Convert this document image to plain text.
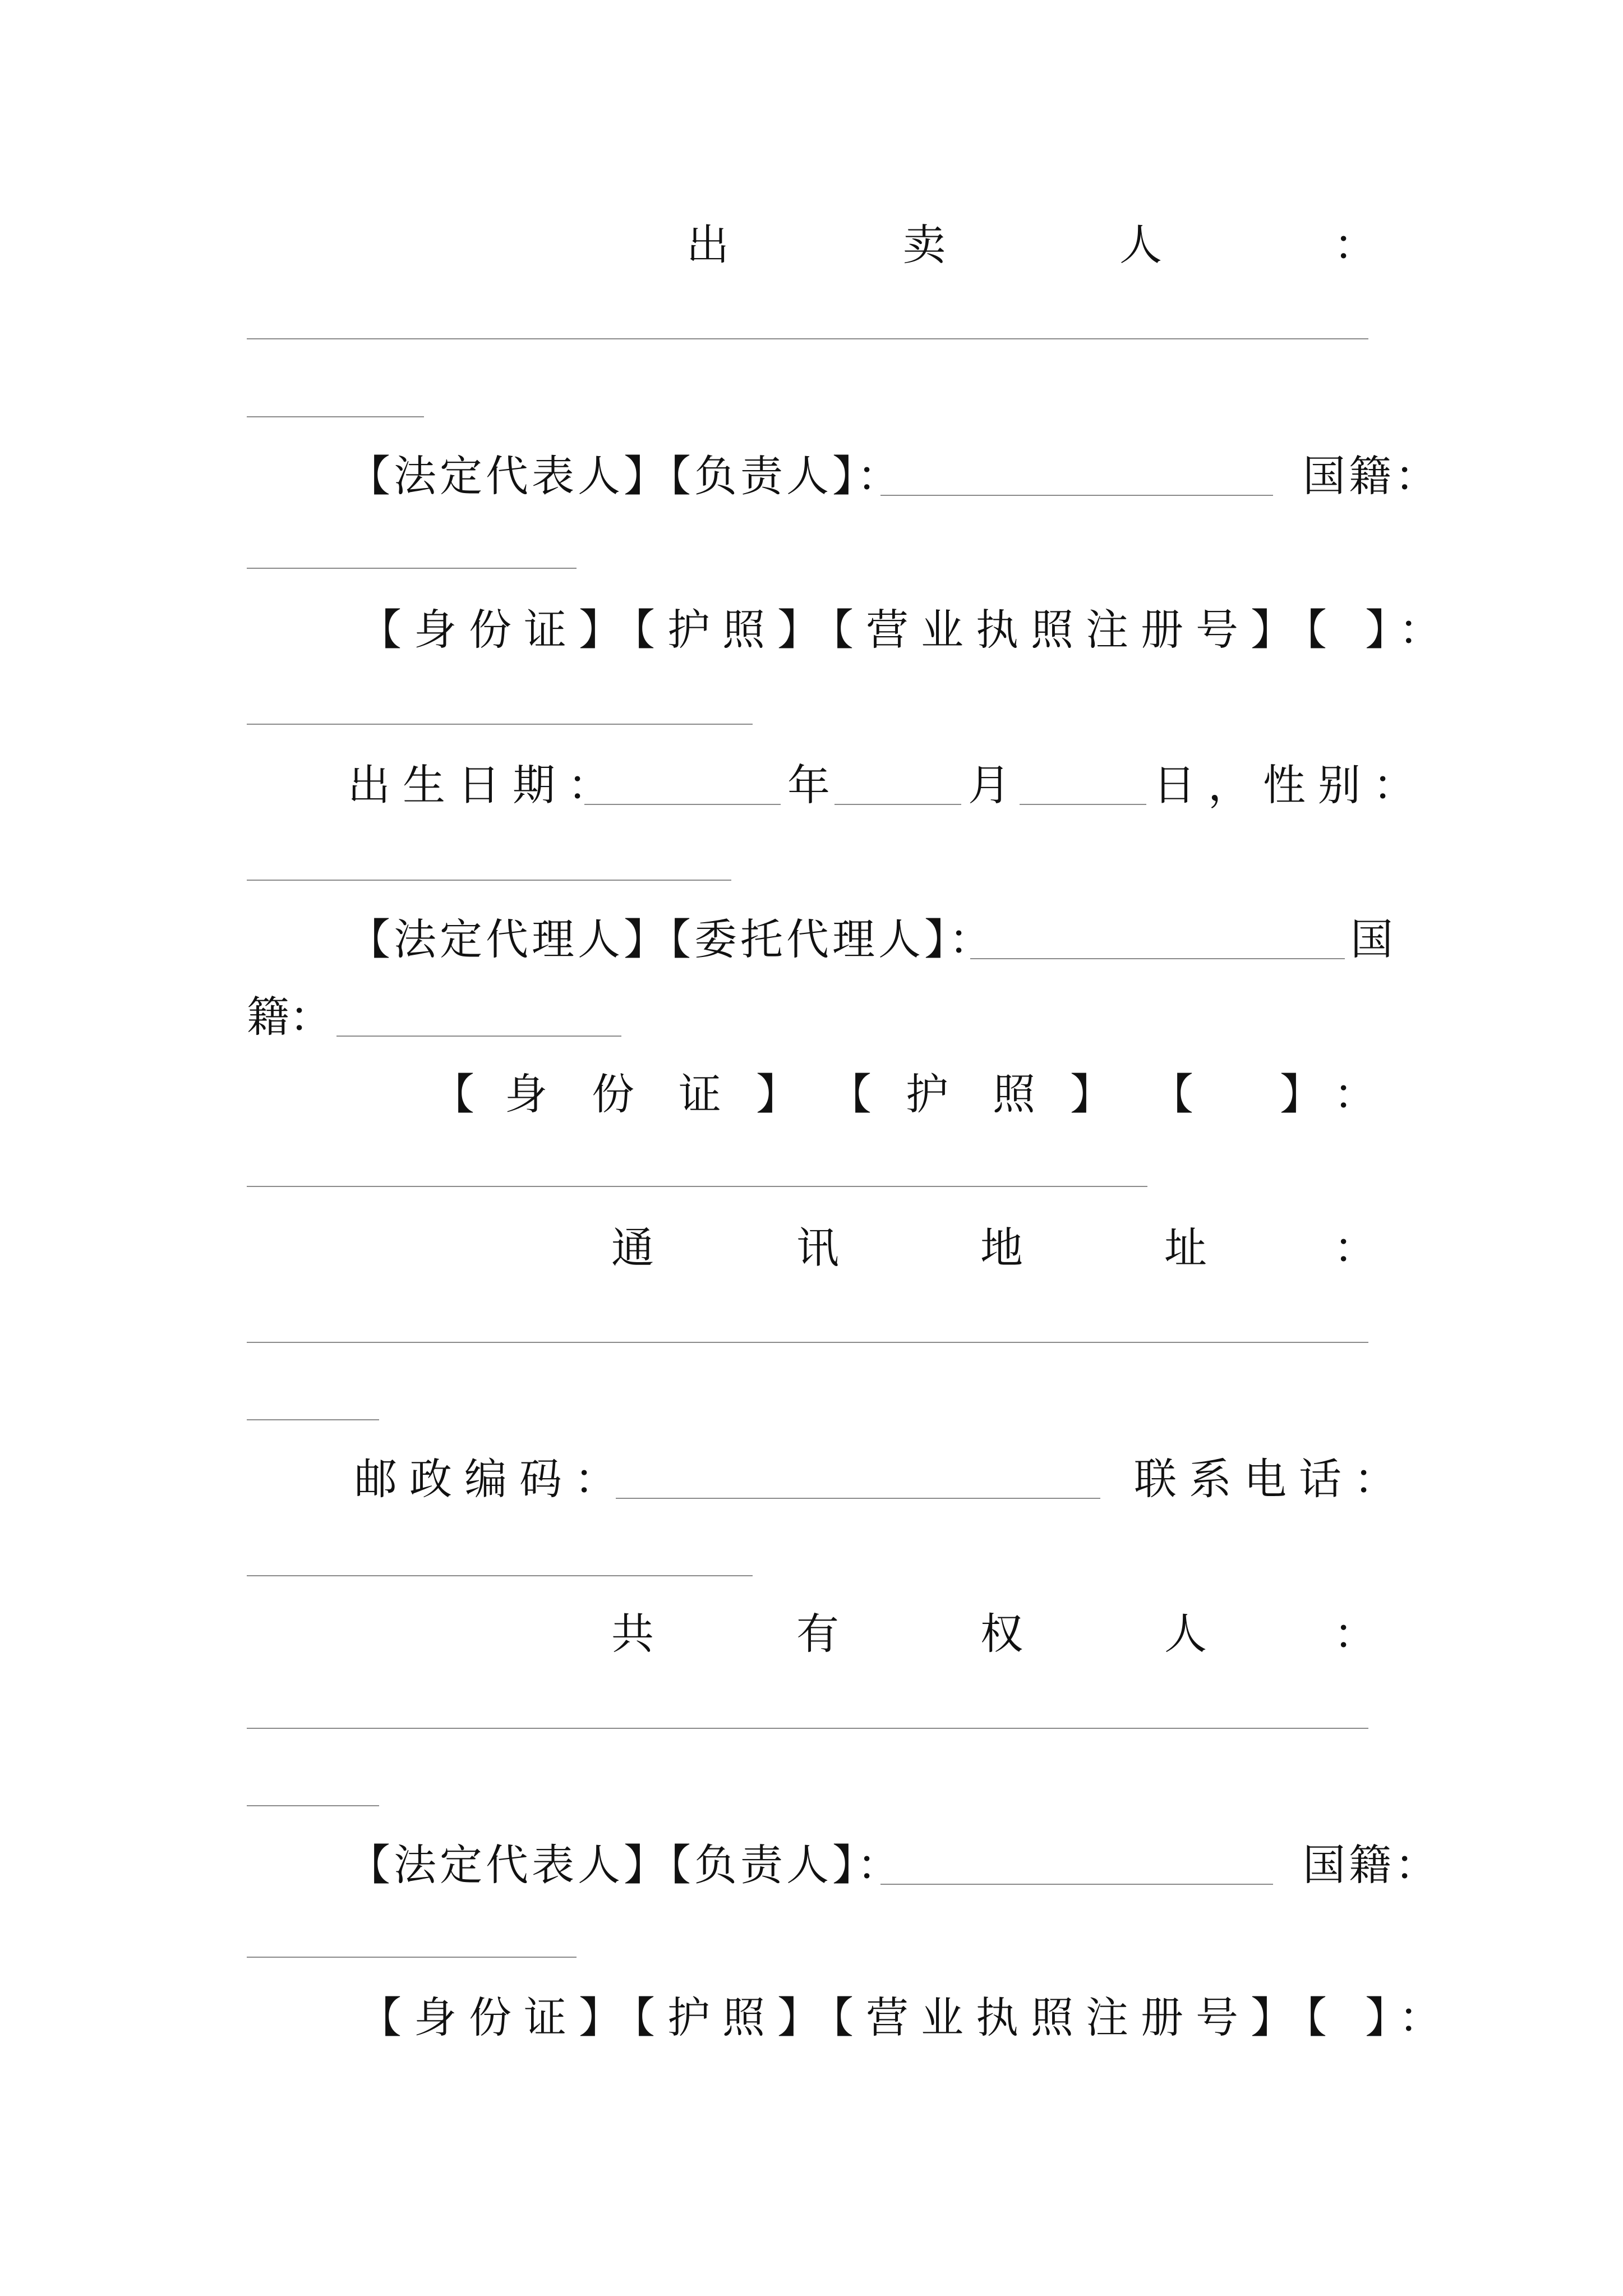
出	卖	人	：
【法定代表人】【负责人】：	国籍：
【身份证】【护照】【营业执照注册号】【 】：
出生日期：	年	月	日，性别：
【法定代理人】【委托代理人】：	国
籍：
【 身 份 证 】 【 护 照 】 【 】 ：
通	讯	地	址	：
邮政编码：	联系电话：
共	有	权	人	：
【法定代表人】【负责人】：	国籍：
【身份证】【护照】【营业执照注册号】【 】：
